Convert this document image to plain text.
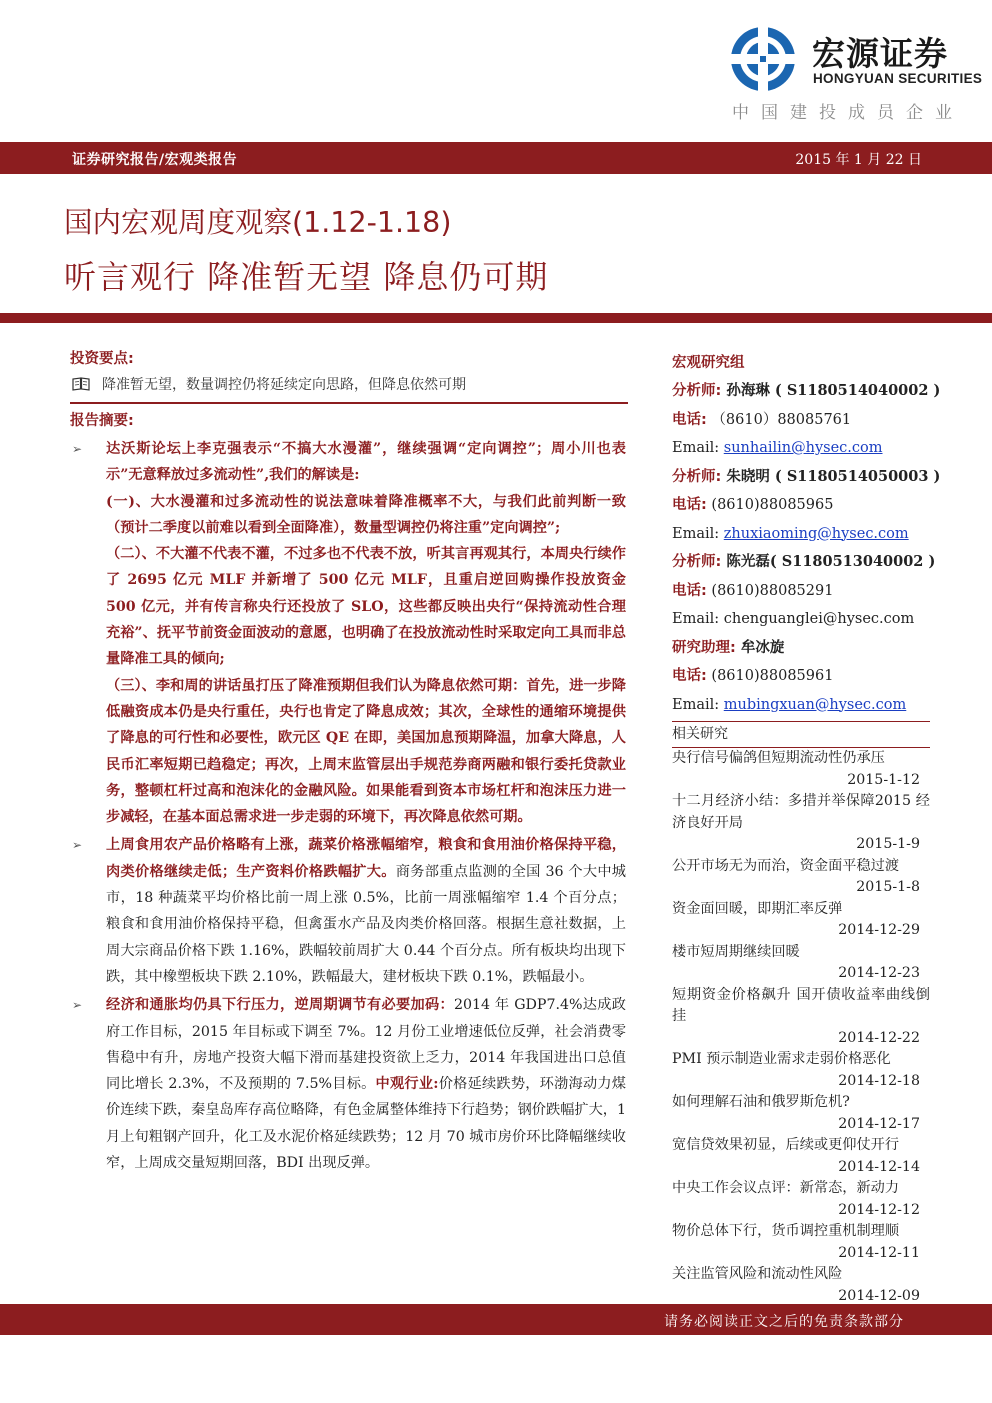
宏源证券
HONGYUAN SECURITIES
中国建投成员企业
证券研究报告/宏观类报告	2015 年 1 月 22 日
国内宏观周度观察(1.12-1.18)
听言观行 降准暂无望 降息仍可期
投资要点:
降准暂无望，数量调控仍将延续定向思路，但降息依然可期
报告摘要:
➢	达沃斯论坛上李克强表示“不搞大水漫灌”，继续强调“定向调控”；周小川也表示”无意释放过多流动性”,我们的解读是:
(一)、大水漫灌和过多流动性的说法意味着降准概率不大，与我们此前判断一致（预计二季度以前难以看到全面降准），数量型调控仍将注重”定向调控”;
（二）、不大灌不代表不灌，不过多也不代表不放，听其言再观其行，本周央行续作了 2695 亿元 MLF 并新增了 500 亿元 MLF，且重启逆回购操作投放资金 500 亿元，并有传言称央行还投放了 SLO，这些都反映出央行“保持流动性合理充裕”、抚平节前资金面波动的意愿，也明确了在投放流动性时采取定向工具而非总量降准工具的倾向;
（三）、李和周的讲话虽打压了降准预期但我们认为降息依然可期：首先，进一步降低融资成本仍是央行重任，央行也肯定了降息成效；其次，全球性的通缩环境提供了降息的可行性和必要性，欧元区 QE 在即，美国加息预期降温，加拿大降息，人民币汇率短期已趋稳定；再次，上周末监管层出手规范券商两融和银行委托贷款业务，整顿杠杆过高和泡沫化的金融风险。如果能看到资本市场杠杆和泡沫压力进一步减轻，在基本面总需求进一步走弱的环境下，再次降息依然可期。
➢	上周食用农产品价格略有上涨，蔬菜价格涨幅缩窄，粮食和食用油价格保持平稳，肉类价格继续走低；生产资料价格跌幅扩大。商务部重点监测的全国 36 个大中城市，18 种蔬菜平均价格比前一周上涨 0.5%，比前一周涨幅缩窄 1.4 个百分点；粮食和食用油价格保持平稳，但禽蛋水产品及肉类价格回落。根据生意社数据，上周大宗商品价格下跌 1.16%，跌幅较前周扩大 0.44 个百分点。所有板块均出现下跌，其中橡塑板块下跌 2.10%，跌幅最大，建材板块下跌 0.1%，跌幅最小。
➢	经济和通胀均仍具下行压力，逆周期调节有必要加码：2014 年 GDP7.4%达成政府工作目标，2015 年目标或下调至 7%。12 月份工业增速低位反弹，社会消费零售稳中有升，房地产投资大幅下滑而基建投资欲上乏力，2014 年我国进出口总值同比增长 2.3%，不及预期的 7.5%目标。中观行业:价格延续跌势，环渤海动力煤价连续下跌，秦皇岛库存高位略降，有色金属整体维持下行趋势；钢价跌幅扩大，1 月上旬粗钢产回升，化工及水泥价格延续跌势；12 月 70 城市房价环比降幅继续收窄，上周成交量短期回落，BDI 出现反弹。
宏观研究组
分析师: 孙海琳 ( S1180514040002 )
电话: （8610）88085761
Email: sunhailin@hysec.com
分析师: 朱晓明 ( S1180514050003 )
电话: (8610)88085965
Email: zhuxiaoming@hysec.com
分析师: 陈光磊( S1180513040002 )
电话: (8610)88085291
Email: chenguanglei@hysec.com
研究助理: 牟冰旋
电话: (8610)88085961
Email: mubingxuan@hysec.com
相关研究
央行信号偏鸽但短期流动性仍承压
2015-1-12
十二月经济小结：多措并举保障2015 经济良好开局
2015-1-9
公开市场无为而治，资金面平稳过渡
2015-1-8
资金面回暖，即期汇率反弹
2014-12-29
楼市短周期继续回暖
2014-12-23
短期资金价格飙升 国开债收益率曲线倒挂
2014-12-22
PMI 预示制造业需求走弱价格恶化
2014-12-18
如何理解石油和俄罗斯危机?
2014-12-17
宽信贷效果初显，后续或更仰仗开行
2014-12-14
中央工作会议点评：新常态，新动力
2014-12-12
物价总体下行，货币调控重机制理顺
2014-12-11
关注监管风险和流动性风险
2014-12-09
请务必阅读正文之后的免责条款部分
